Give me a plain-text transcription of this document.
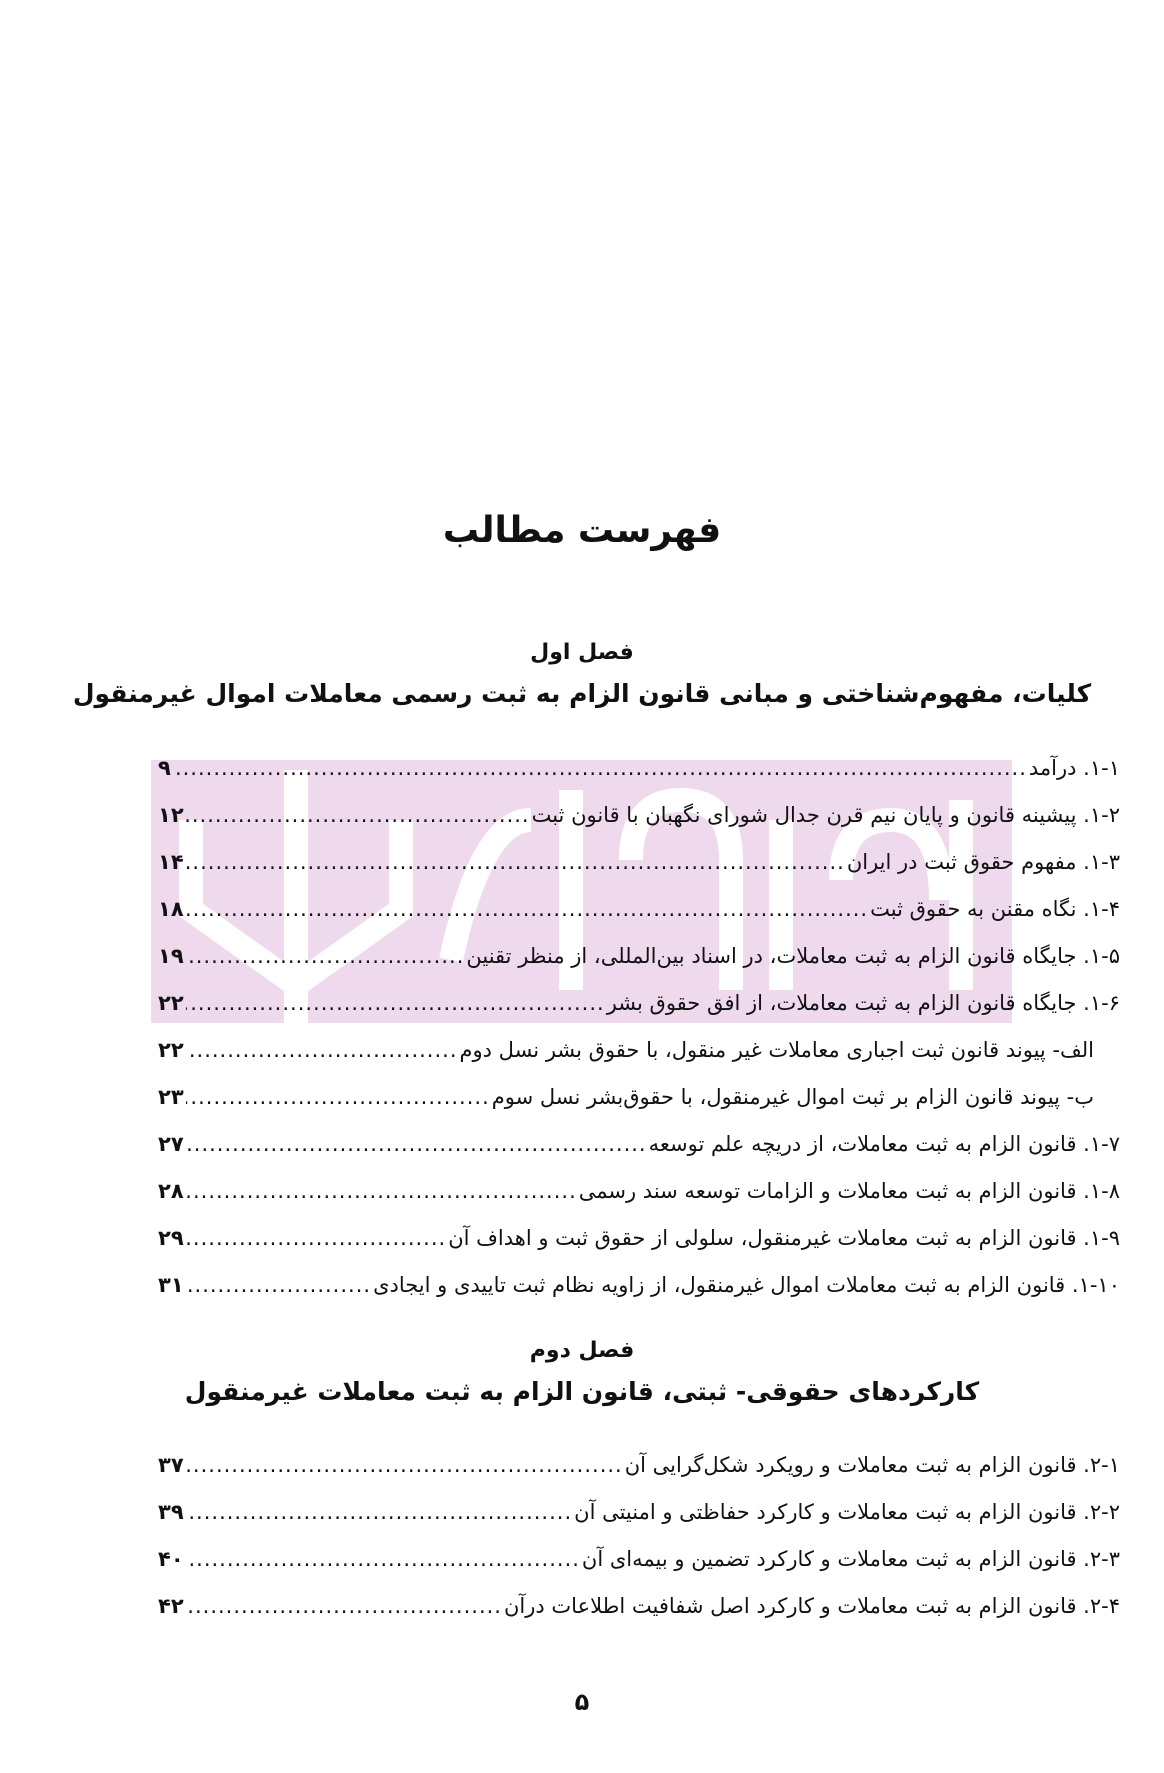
فهرست مطالب
فصل اول
کلیات، مفهوم‌شناختی و مبانی قانون الزام به ثبت رسمی معاملات اموال غیرمنقول
۱-۱. درآمد
.....
۹
۱-۲. پیشینه قانون و پایان نیم قرن جدال شورای نگهبان با قانون ثبت
.....
۱۲
۱-۳. مفهوم حقوق ثبت در ایران
.....
۱۴
۱-۴. نگاه مقنن به حقوق ثبت
.....
۱۸
۱-۵. جایگاه قانون الزام به ثبت معاملات، در اسناد بین‌المللی، از منظر تقنین
.....
۱۹
۱-۶. جایگاه قانون الزام به ثبت معاملات، از افق حقوق بشر
.....
۲۲
الف- پیوند قانون ثبت اجباری معاملات غیر منقول، با حقوق بشر نسل دوم
.....
۲۲
ب- پیوند قانون الزام بر ثبت اموال غیرمنقول، با حقوق‌بشر نسل سوم
.....
۲۳
۱-۷. قانون الزام به ثبت معاملات، از دریچه علم توسعه
.....
۲۷
۱-۸. قانون الزام به ثبت معاملات و الزامات توسعه سند رسمی
.....
۲۸
۱-۹. قانون الزام به ثبت معاملات غیرمنقول، سلولی از حقوق ثبت و اهداف آن
.....
۲۹
۱-۱۰. قانون الزام به ثبت معاملات اموال غیرمنقول، از زاویه نظام ثبت تاییدی و ایجادی
.....
۳۱
فصل دوم
کارکردهای حقوقی- ثبتی، قانون الزام به ثبت معاملات غیرمنقول
۲-۱. قانون الزام به ثبت معاملات و رویکرد شکل‌گرایی آن
.....
۳۷
۲-۲. قانون الزام به ثبت معاملات و کارکرد حفاظتی و امنیتی آن
.....
۳۹
۲-۳. قانون الزام به ثبت معاملات و کارکرد تضمین و بیمه‌ای آن
.....
۴۰
۲-۴. قانون الزام به ثبت معاملات و کارکرد اصل شفافیت اطلاعات درآن
.....
۴۲
۵
